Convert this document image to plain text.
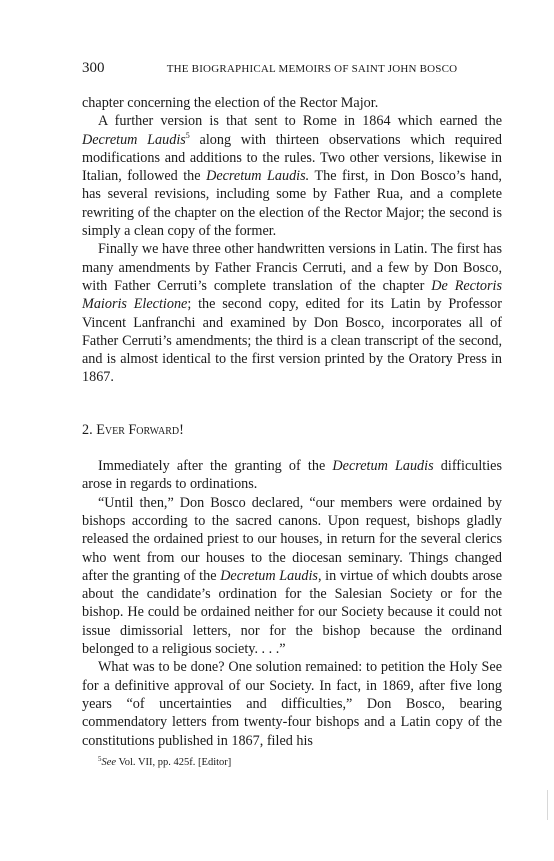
300	THE BIOGRAPHICAL MEMOIRS OF SAINT JOHN BOSCO

chapter concerning the election of the Rector Major.

A further version is that sent to Rome in 1864 which earned the Decretum Laudis$^5$ along with thirteen observations which required modifications and additions to the rules. Two other versions, likewise in Italian, followed the Decretum Laudis. The first, in Don Bosco’s hand, has several revisions, including some by Father Rua, and a complete rewriting of the chapter on the election of the Rector Major; the second is simply a clean copy of the former.

Finally we have three other handwritten versions in Latin. The first has many amendments by Father Francis Cerruti, and a few by Don Bosco, with Father Cerruti’s complete translation of the chapter De Rectoris Maioris Electione; the second copy, edited for its Latin by Professor Vincent Lanfranchi and examined by Don Bosco, incorporates all of Father Cerruti’s amendments; the third is a clean transcript of the second, and is almost identical to the first version printed by the Oratory Press in 1867.

2. Ever Forward!

Immediately after the granting of the Decretum Laudis difficulties arose in regards to ordinations.

“Until then,” Don Bosco declared, “our members were ordained by bishops according to the sacred canons. Upon request, bishops gladly released the ordained priest to our houses, in return for the several clerics who went from our houses to the diocesan seminary. Things changed after the granting of the Decretum Laudis, in virtue of which doubts arose about the candidate’s ordination for the Salesian Society or for the bishop. He could be ordained neither for our Society because it could not issue dimissorial letters, nor for the bishop because the ordinand belonged to a religious society. . . .”

What was to be done? One solution remained: to petition the Holy See for a definitive approval of our Society. In fact, in 1869, after five long years “of uncertainties and difficulties,” Don Bosco, bearing commendatory letters from twenty-four bishops and a Latin copy of the constitutions published in 1867, filed his

$^5$See Vol. VII, pp. 425f. [Editor]
